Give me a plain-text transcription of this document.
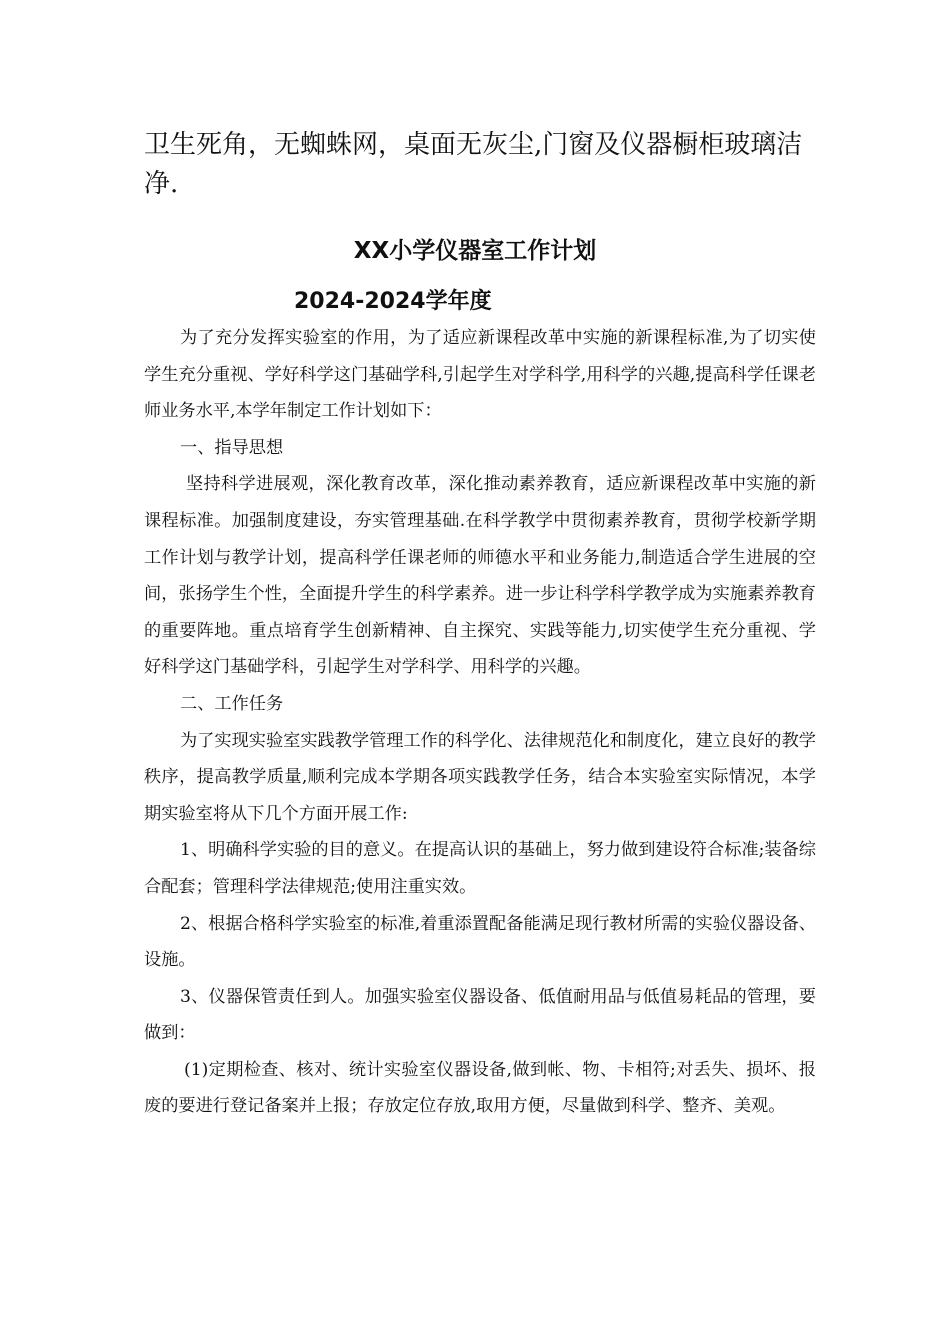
卫生死角，无蜘蛛网，桌面无灰尘,门窗及仪器橱柜玻璃洁净.

XX小学仪器室工作计划
2024-2024学年度

为了充分发挥实验室的作用，为了适应新课程改革中实施的新课程标准,为了切实使学生充分重视、学好科学这门基础学科,引起学生对学科学,用科学的兴趣,提高科学任课老师业务水平,本学年制定工作计划如下：

一、指导思想

坚持科学进展观，深化教育改革，深化推动素养教育，适应新课程改革中实施的新课程标准。加强制度建设，夯实管理基础.在科学教学中贯彻素养教育，贯彻学校新学期工作计划与教学计划，提高科学任课老师的师德水平和业务能力,制造适合学生进展的空间，张扬学生个性，全面提升学生的科学素养。进一步让科学科学教学成为实施素养教育的重要阵地。重点培育学生创新精神、自主探究、实践等能力,切实使学生充分重视、学好科学这门基础学科，引起学生对学科学、用科学的兴趣。

二、工作任务

为了实现实验室实践教学管理工作的科学化、法律规范化和制度化，建立良好的教学秩序，提高教学质量,顺利完成本学期各项实践教学任务，结合本实验室实际情况，本学期实验室将从下几个方面开展工作:

1、明确科学实验的目的意义。在提高认识的基础上，努力做到建设符合标准;装备综合配套；管理科学法律规范;使用注重实效。

2、根据合格科学实验室的标准,着重添置配备能满足现行教材所需的实验仪器设备、设施。

3、仪器保管责任到人。加强实验室仪器设备、低值耐用品与低值易耗品的管理，要做到：

(1)定期检查、核对、统计实验室仪器设备,做到帐、物、卡相符;对丢失、损坏、报废的要进行登记备案并上报；存放定位存放,取用方便，尽量做到科学、整齐、美观。
